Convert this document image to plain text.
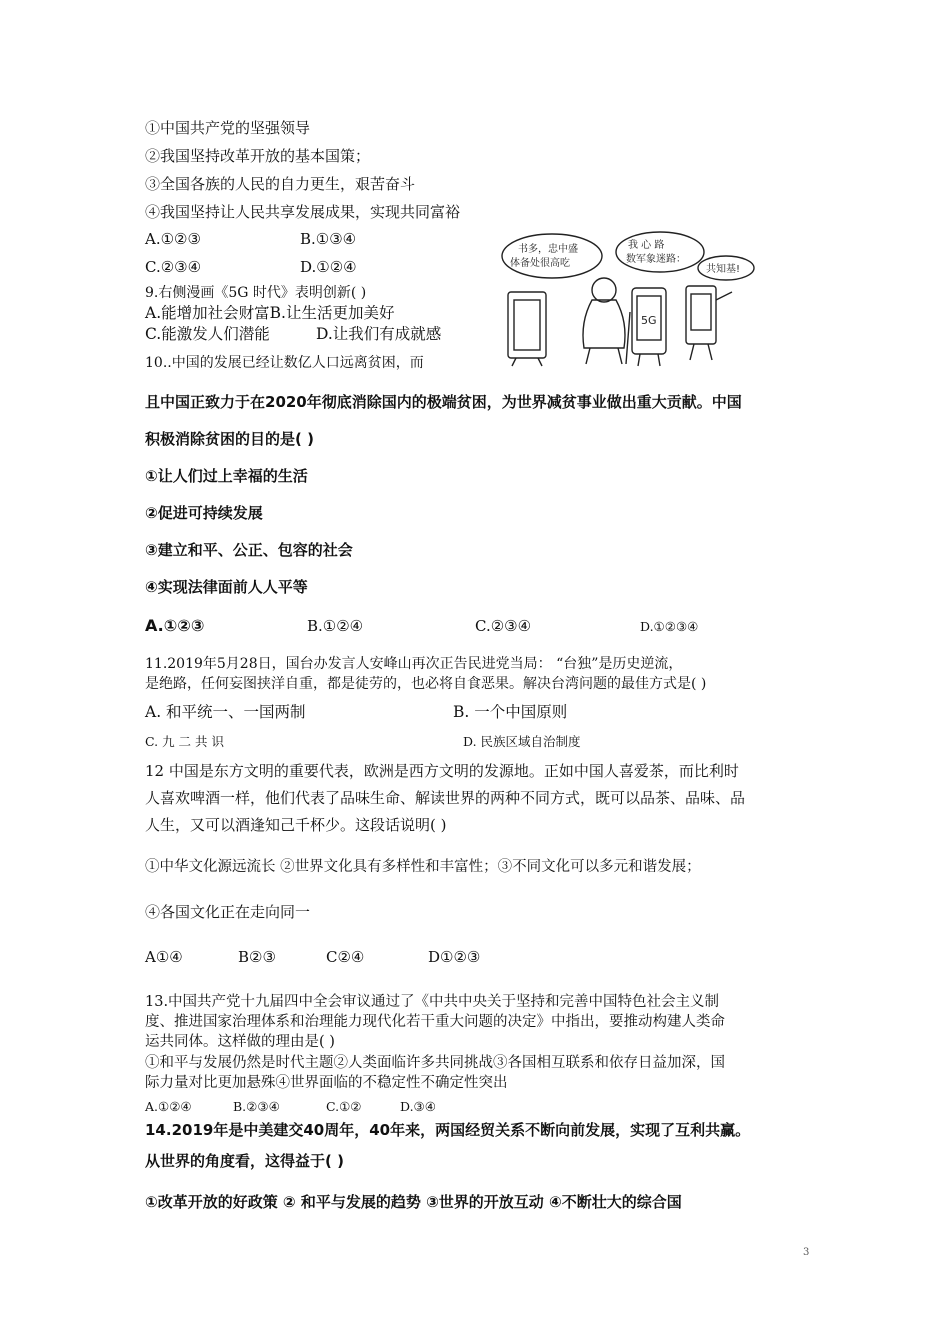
①中国共产党的坚强领导
②我国坚持改革开放的基本国策；
③全国各族的人民的自力更生，艰苦奋斗
④我国坚持让人民共享发展成果，实现共同富裕
A.①②③	B.①③④
C.②③④	D.①②④
9.右侧漫画《5G 时代》表明创新( )
A.能增加社会财富B.让生活更加美好
C.能激发人们潜能	D.让我们有成就感
书多，忠中盛
体备处很高吃
我 心 路
数军象迷路：
共知基!
5G
10..中国的发展已经让数亿人口远离贫困，而
且中国正致力于在2020年彻底消除国内的极端贫困，为世界减贫事业做出重大贡献。中国
积极消除贫困的目的是( )
①让人们过上幸福的生活
②促进可持续发展
③建立和平、公正、包容的社会
④实现法律面前人人平等
A.①②③	B.①②④	C.②③④	D.①②③④
11.2019年5月28日，国台办发言人安峰山再次正告民进党当局： “台独”是历史逆流，
是绝路，任何妄图挟洋自重，都是徒劳的，也必将自食恶果。解决台湾问题的最佳方式是( )
A. 和平统一、一国两制	B. 一个中国原则
C. 九 二 共 识	D. 民族区域自治制度
12 中国是东方文明的重要代表，欧洲是西方文明的发源地。正如中国人喜爱茶，而比利时
人喜欢啤酒一样，他们代表了品味生命、解读世界的两种不同方式，既可以品茶、品味、品
人生，又可以酒逢知己千杯少。这段话说明( )
①中华文化源远流长 ②世界文化具有多样性和丰富性；③不同文化可以多元和谐发展；
④各国文化正在走向同一
A①④	B②③	C②④	D①②③
13.中国共产党十九届四中全会审议通过了《中共中央关于坚持和完善中国特色社会主义制
度、推进国家治理体系和治理能力现代化若干重大问题的决定》中指出，要推动构建人类命
运共同体。这样做的理由是( )
①和平与发展仍然是时代主题②人类面临许多共同挑战③各国相互联系和依存日益加深，国
际力量对比更加悬殊④世界面临的不稳定性不确定性突出
A.①②④	B.②③④	C.①②	D.③④
14.2019年是中美建交40周年，40年来，两国经贸关系不断向前发展，实现了互利共赢。
从世界的角度看，这得益于( )
①改革开放的好政策 ② 和平与发展的趋势 ③世界的开放互动 ④不断壮大的综合国
3
